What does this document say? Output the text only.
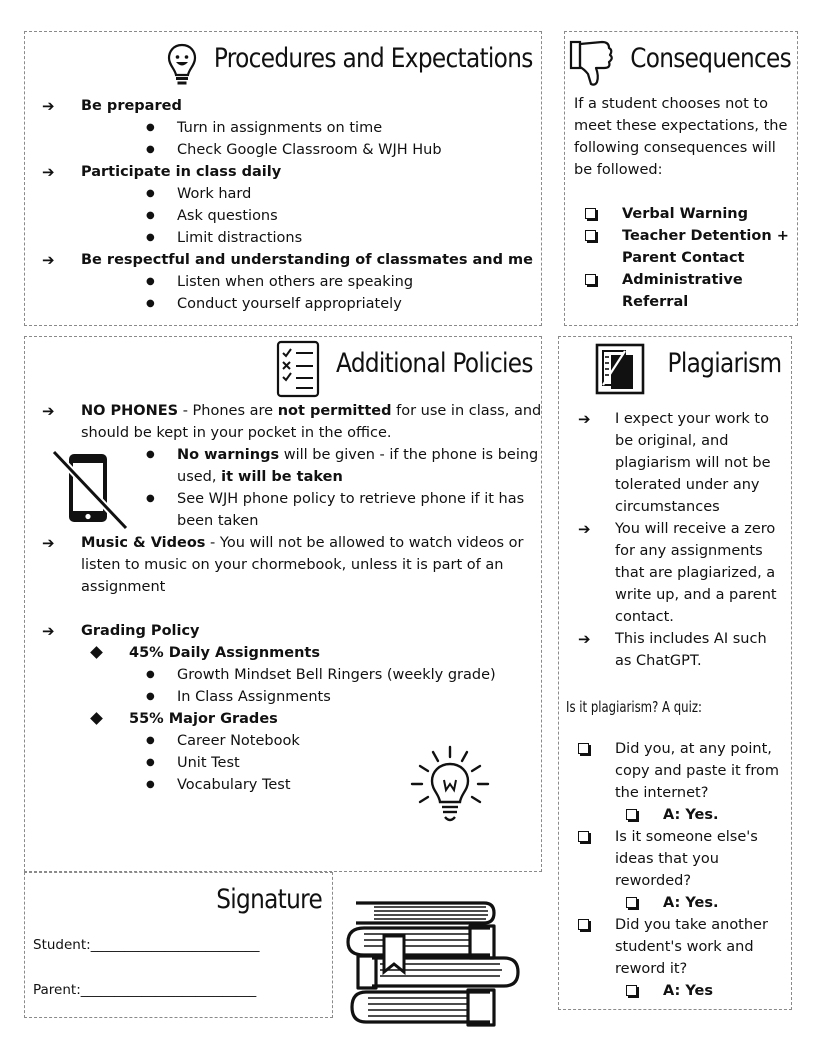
Procedures and Expectations
➔ Be prepared
● Turn in assignments on time
● Check Google Classroom & WJH Hub
➔ Participate in class daily
● Work hard
● Ask questions
● Limit distractions
➔ Be respectful and understanding of classmates and me
● Listen when others are speaking
● Conduct yourself appropriately
Consequences
If a student chooses not to
meet these expectations, the
following consequences will
be followed:
Verbal Warning
Teacher Detention +
Parent Contact
Administrative
Referral
Additional Policies
➔ NO PHONES - Phones are not permitted for use in class, and
should be kept in your pocket in the office.
● No warnings will be given - if the phone is being
used, it will be taken
● See WJH phone policy to retrieve phone if it has
been taken
➔ Music & Videos - You will not be allowed to watch videos or
listen to music on your chormebook, unless it is part of an
assignment
➔ Grading Policy
45% Daily Assignments
● Growth Mindset Bell Ringers (weekly grade)
● In Class Assignments
55% Major Grades
● Career Notebook
● Unit Test
● Vocabulary Test
Plagiarism
➔ I expect your work to
be original, and
plagiarism will not be
tolerated under any
circumstances
➔ You will receive a zero
for any assignments
that are plagiarized, a
write up, and a parent
contact.
➔ This includes AI such
as ChatGPT.
Is it plagiarism? A quiz:
Did you, at any point,
copy and paste it from
the internet?
A: Yes.
Is it someone else's
ideas that you
reworded?
A: Yes.
Did you take another
student's work and
reword it?
A: Yes
Signature
Student:_________________________
Parent:__________________________
